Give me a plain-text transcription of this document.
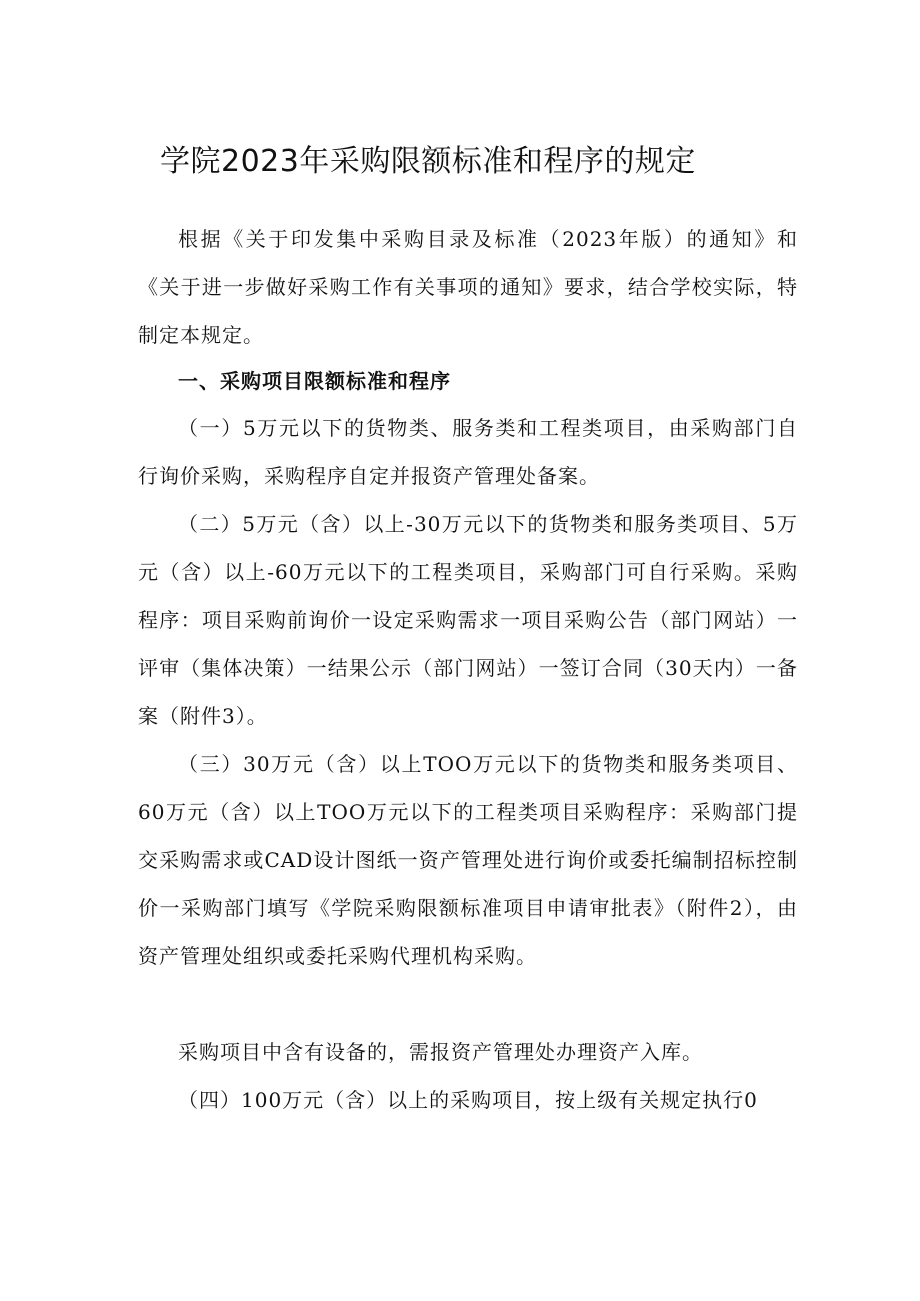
学院2023年采购限额标准和程序的规定

根据《关于印发集中采购目录及标准（2023年版）的通知》和《关于进一步做好采购工作有关事项的通知》要求，结合学校实际，特制定本规定。

一、采购项目限额标准和程序

（一）5万元以下的货物类、服务类和工程类项目，由采购部门自行询价采购，采购程序自定并报资产管理处备案。

（二）5万元（含）以上-30万元以下的货物类和服务类项目、5万元（含）以上-60万元以下的工程类项目，采购部门可自行采购。采购程序：项目采购前询价一设定采购需求一项目采购公告（部门网站）一评审（集体决策）一结果公示（部门网站）一签订合同（30天内）一备案（附件3）。

（三）30万元（含）以上TOO万元以下的货物类和服务类项目、60万元（含）以上TOO万元以下的工程类项目采购程序：采购部门提交采购需求或CAD设计图纸一资产管理处进行询价或委托编制招标控制价一采购部门填写《学院采购限额标准项目申请审批表》（附件2），由资产管理处组织或委托采购代理机构采购。

采购项目中含有设备的，需报资产管理处办理资产入库。

（四）100万元（含）以上的采购项目，按上级有关规定执行0
